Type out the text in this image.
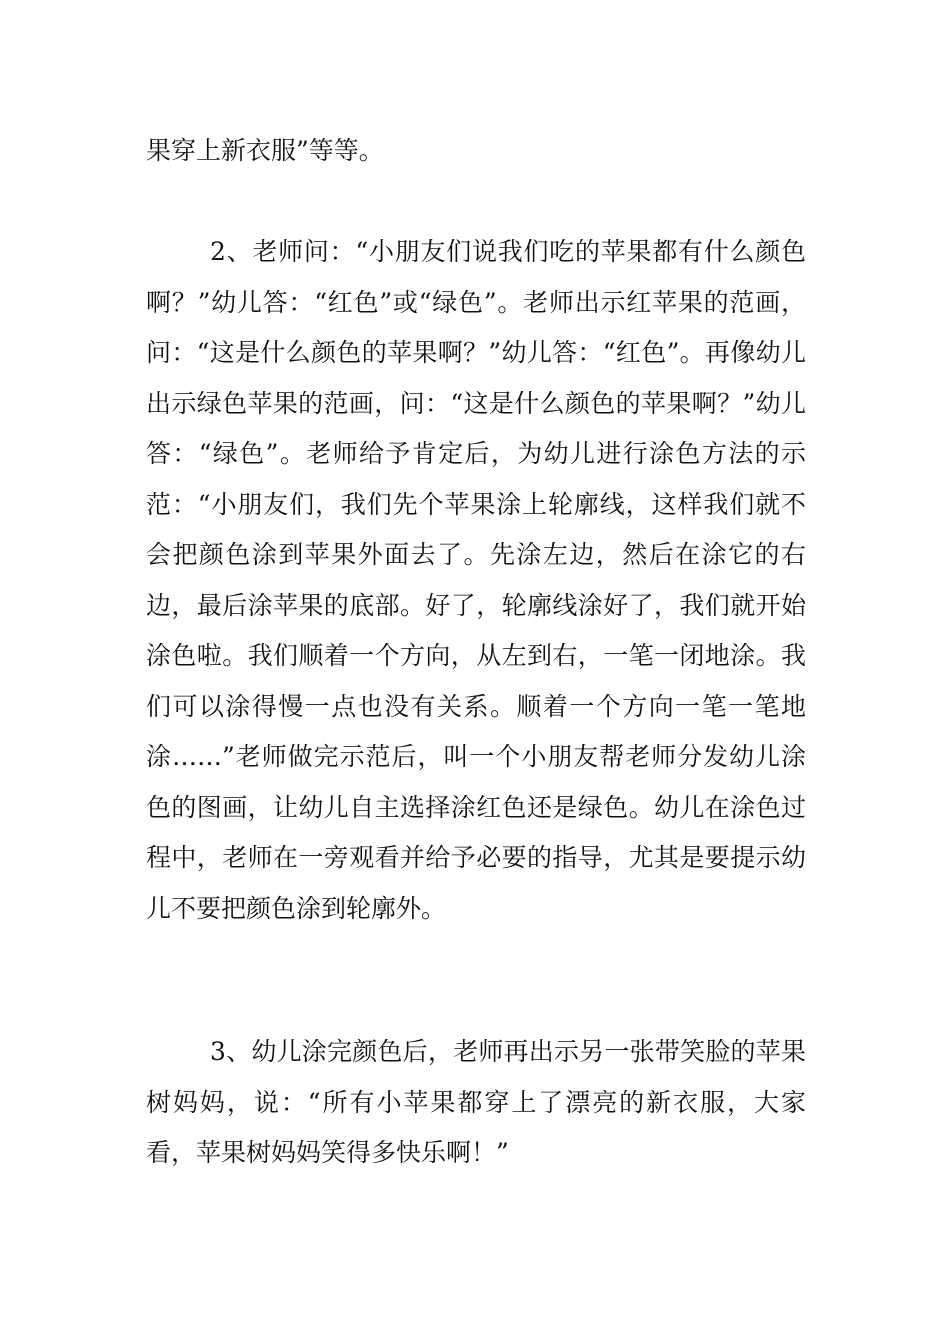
果穿上新衣服”等等。

2、老师问：“小朋友们说我们吃的苹果都有什么颜色啊？”幼儿答：“红色”或“绿色”。老师出示红苹果的范画，问：“这是什么颜色的苹果啊？”幼儿答：“红色”。再像幼儿出示绿色苹果的范画，问：“这是什么颜色的苹果啊？”幼儿答：“绿色”。老师给予肯定后，为幼儿进行涂色方法的示范：“小朋友们，我们先个苹果涂上轮廓线，这样我们就不会把颜色涂到苹果外面去了。先涂左边，然后在涂它的右边，最后涂苹果的底部。好了，轮廓线涂好了，我们就开始涂色啦。我们顺着一个方向，从左到右，一笔一闭地涂。我们可以涂得慢一点也没有关系。顺着一个方向一笔一笔地涂……”老师做完示范后，叫一个小朋友帮老师分发幼儿涂色的图画，让幼儿自主选择涂红色还是绿色。幼儿在涂色过程中，老师在一旁观看并给予必要的指导，尤其是要提示幼儿不要把颜色涂到轮廓外。

3、幼儿涂完颜色后，老师再出示另一张带笑脸的苹果树妈妈，说：“所有小苹果都穿上了漂亮的新衣服，大家看，苹果树妈妈笑得多快乐啊！”
